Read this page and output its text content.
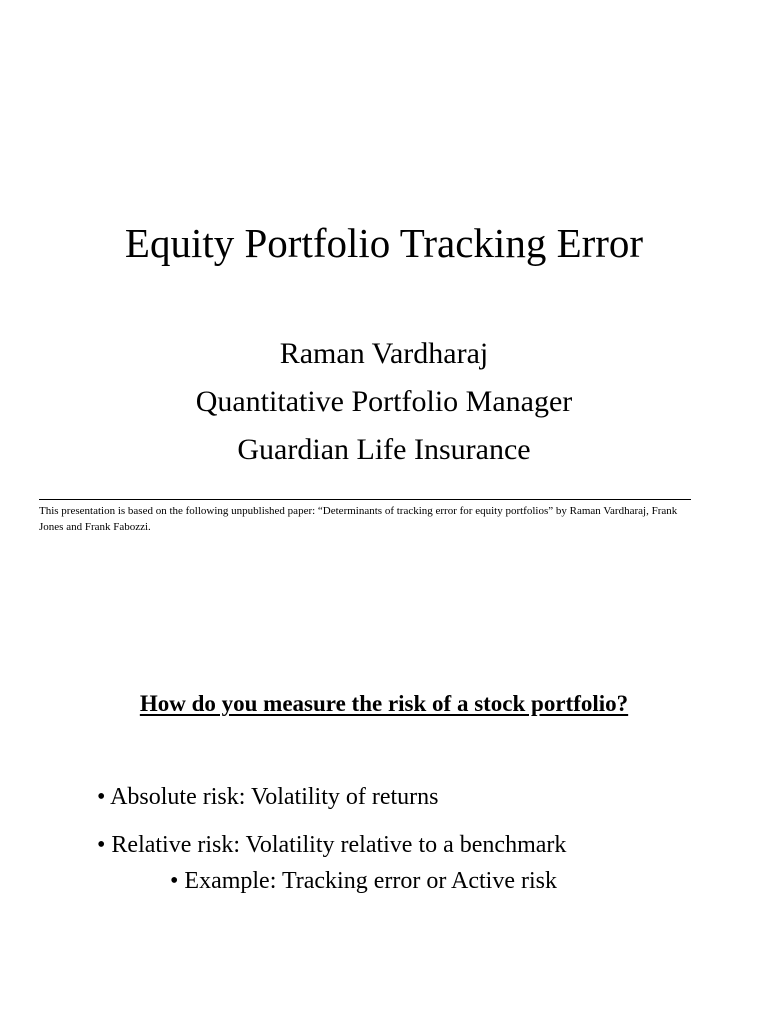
Equity Portfolio Tracking Error
Raman Vardharaj
Quantitative Portfolio Manager
Guardian Life Insurance
This presentation is based on the following unpublished paper: “Determinants of tracking error for equity portfolios” by Raman Vardharaj, Frank Jones and Frank Fabozzi.
How do you measure the risk of a stock portfolio?
• Absolute risk: Volatility of returns
• Relative risk: Volatility relative to a benchmark
• Example: Tracking error or Active risk
